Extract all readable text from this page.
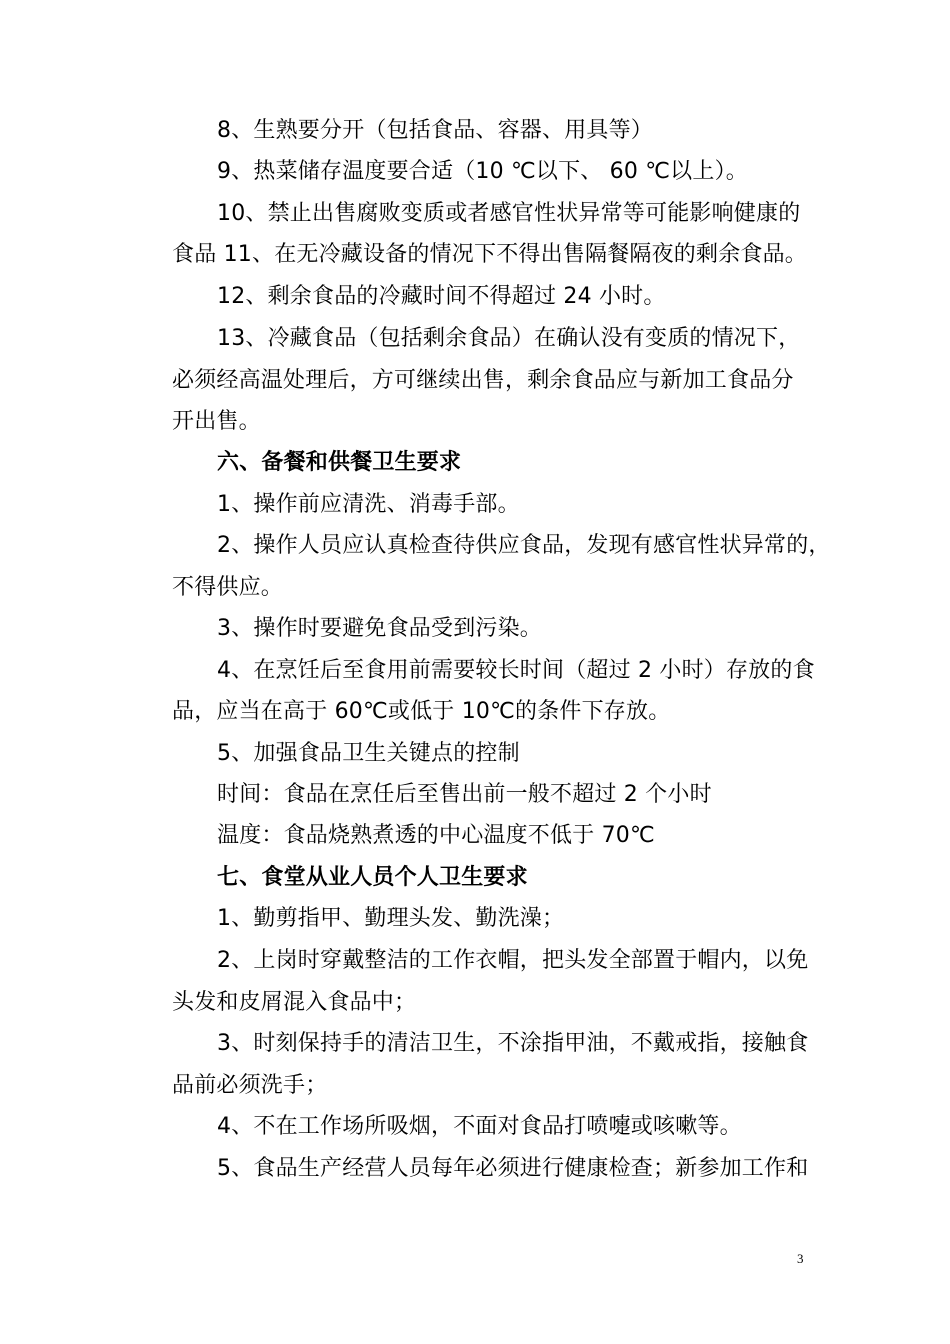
8、生熟要分开（包括食品、容器、用具等）
9、热菜储存温度要合适（10 ℃以下、 60 ℃以上）。
10、禁止出售腐败变质或者感官性状异常等可能影响健康的
食品 11、在无冷藏设备的情况下不得出售隔餐隔夜的剩余食品。
12、剩余食品的冷藏时间不得超过 24 小时。
13、冷藏食品（包括剩余食品）在确认没有变质的情况下，
必须经高温处理后，方可继续出售，剩余食品应与新加工食品分
开出售。
六、备餐和供餐卫生要求
1、操作前应清洗、消毒手部。
2、操作人员应认真检查待供应食品，发现有感官性状异常的，
不得供应。
3、操作时要避免食品受到污染。
4、在烹饪后至食用前需要较长时间（超过 2 小时）存放的食
品，应当在高于 60℃或低于 10℃的条件下存放。
5、加强食品卫生关键点的控制
时间：食品在烹任后至售出前一般不超过 2 个小时
温度：食品烧熟煮透的中心温度不低于 70℃
七、食堂从业人员个人卫生要求
1、勤剪指甲、勤理头发、勤洗澡；
2、上岗时穿戴整洁的工作衣帽，把头发全部置于帽内，以免
头发和皮屑混入食品中；
3、时刻保持手的清洁卫生，不涂指甲油，不戴戒指，接触食
品前必须洗手；
4、不在工作场所吸烟，不面对食品打喷嚏或咳嗽等。
5、食品生产经营人员每年必须进行健康检查；新参加工作和
3
